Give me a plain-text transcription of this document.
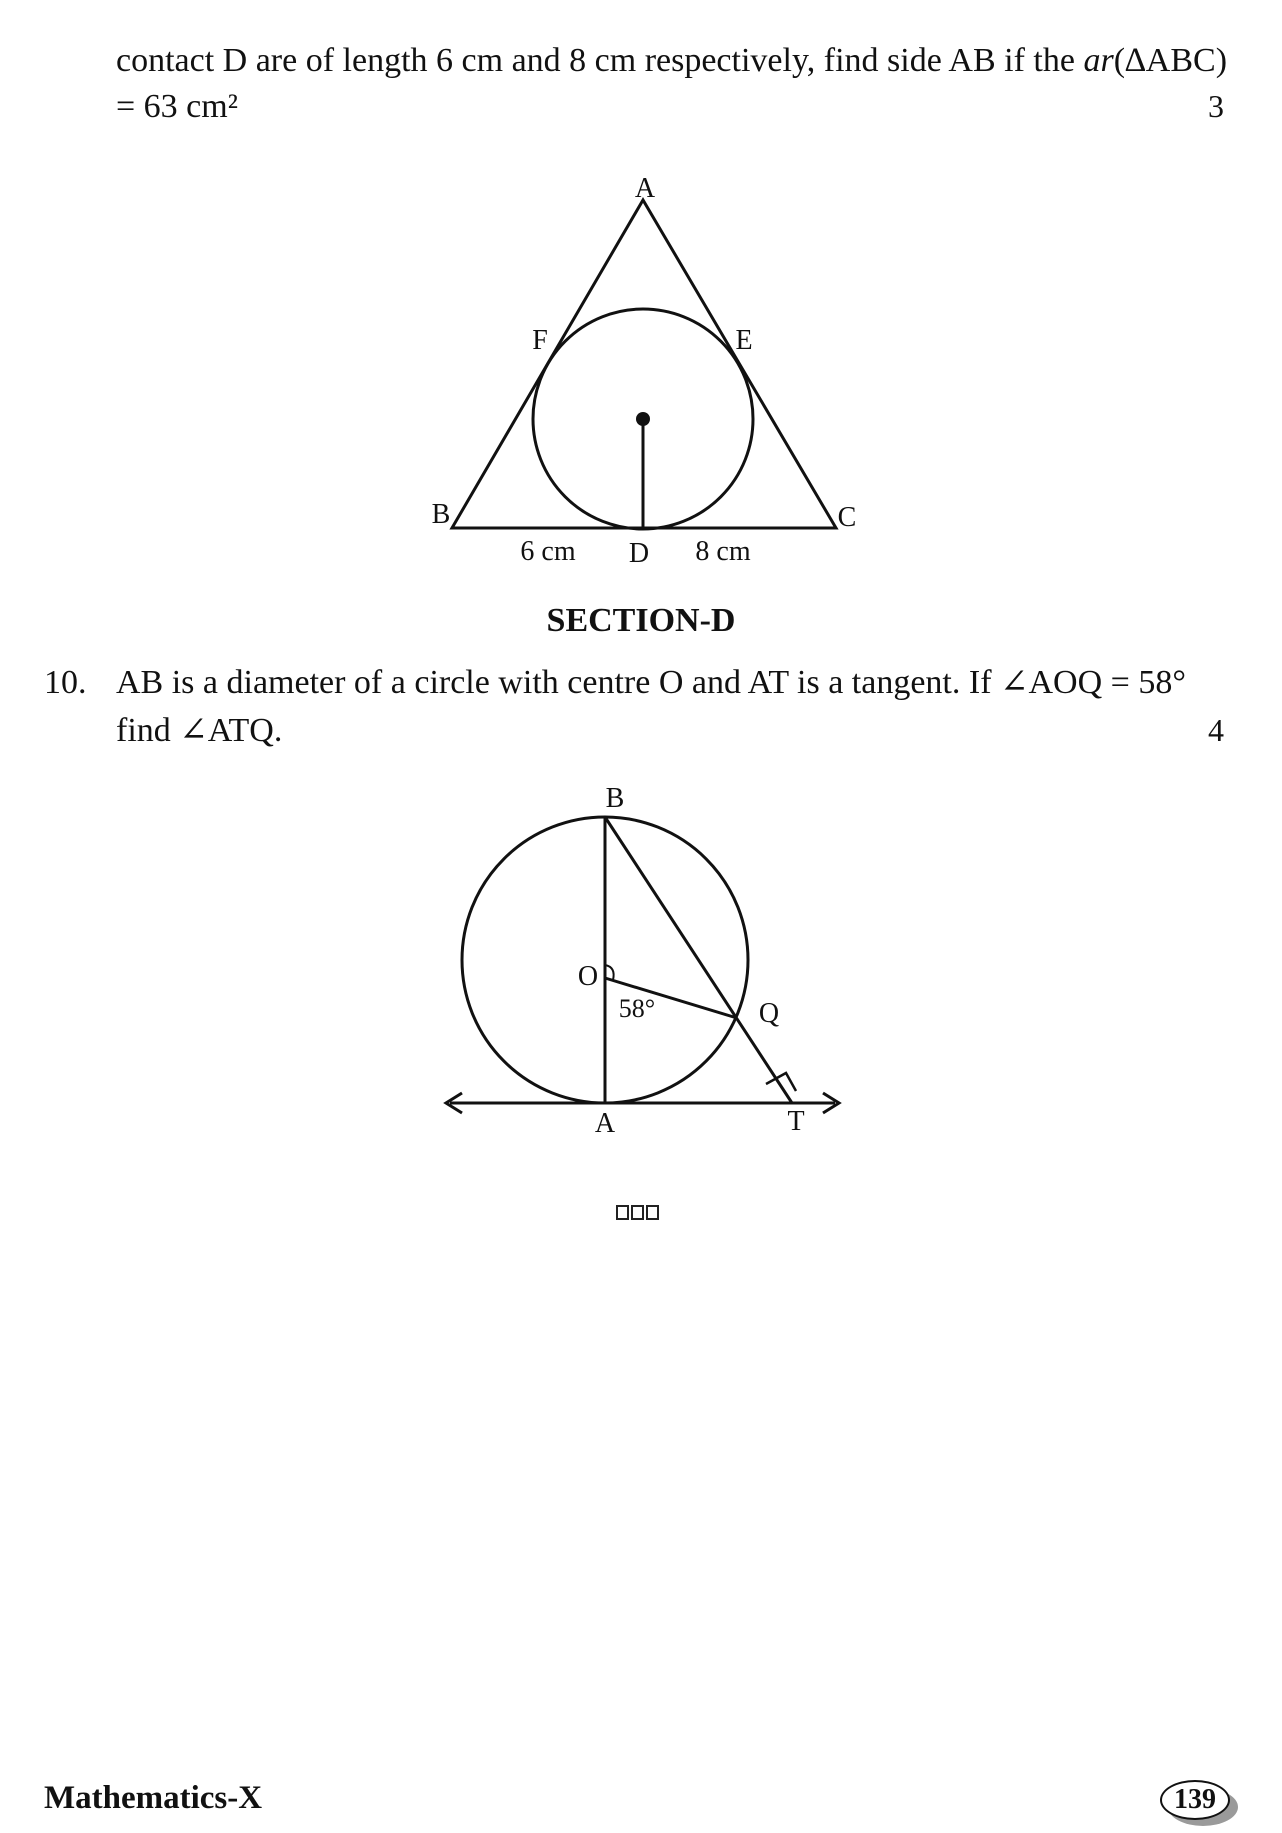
contact D are of length 6 cm and 8 cm respectively, find side AB if the ar(∆ABC)
= 63 cm²	3
A
B	C
D
E
F
6 cm	8 cm
SECTION-D
10. AB is a diameter of a circle with centre O and AT is a tangent. If ∠AOQ = 58°
find ∠ATQ.	4
B
O
Q
A	T
58°
Mathematics-X	139
